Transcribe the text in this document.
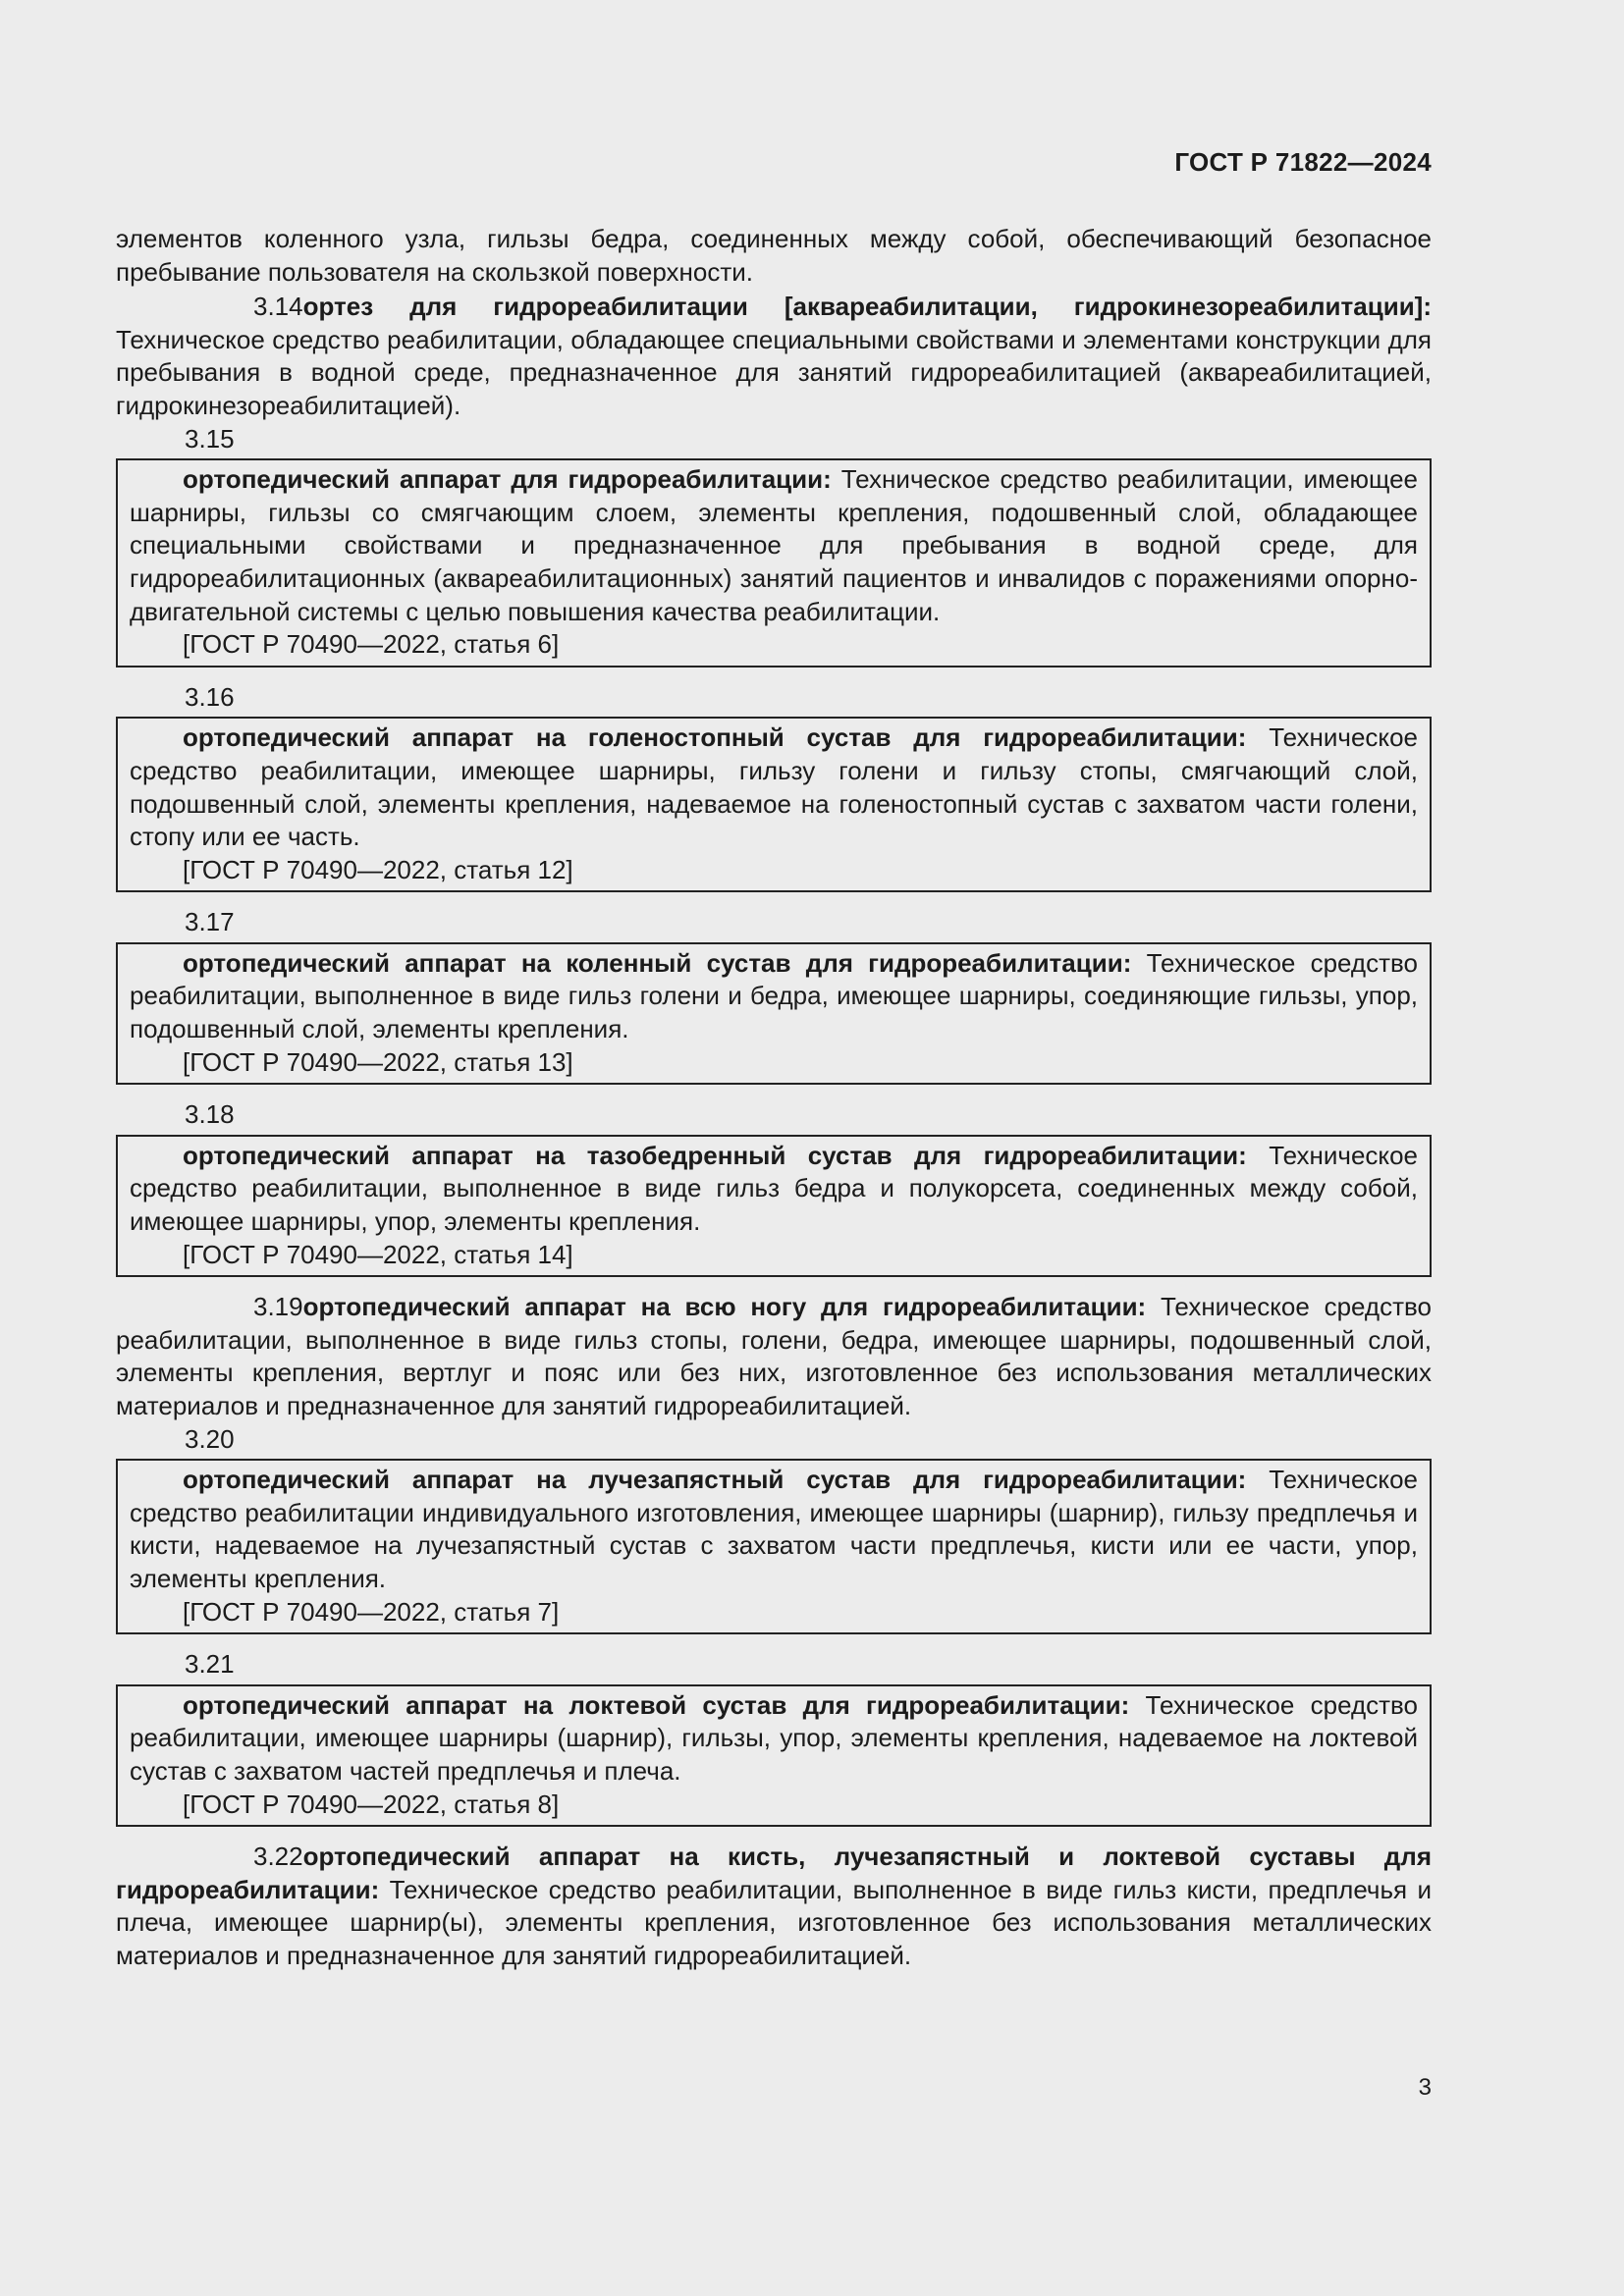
ГОСТ Р 71822—2024

элементов коленного узла, гильзы бедра, соединенных между собой, обеспечивающий безопасное пребывание пользователя на скользкой поверхности.

3.14ортез для гидрореабилитации [аквареабилитации, гидрокинезореабилитации]: Техническое средство реабилитации, обладающее специальными свойствами и элементами конструкции для пребывания в водной среде, предназначенное для занятий гидрореабилитацией (аквареабилитацией, гидрокинезореабилитацией).

3.15

ортопедический аппарат для гидрореабилитации: Техническое средство реабилитации, имеющее шарниры, гильзы со смягчающим слоем, элементы крепления, подошвенный слой, обладающее специальными свойствами и предназначенное для пребывания в водной среде, для гидрореабилитационных (аквареабилитационных) занятий пациентов и инвалидов с поражениями опорно-двигательной системы с целью повышения качества реабилитации.

[ГОСТ Р 70490—2022, статья 6]

3.16

ортопедический аппарат на голеностопный сустав для гидрореабилитации: Техническое средство реабилитации, имеющее шарниры, гильзу голени и гильзу стопы, смягчающий слой, подошвенный слой, элементы крепления, надеваемое на голеностопный сустав с захватом части голени, стопу или ее часть.

[ГОСТ Р 70490—2022, статья 12]

3.17

ортопедический аппарат на коленный сустав для гидрореабилитации: Техническое средство реабилитации, выполненное в виде гильз голени и бедра, имеющее шарниры, соединяющие гильзы, упор, подошвенный слой, элементы крепления.

[ГОСТ Р 70490—2022, статья 13]

3.18

ортопедический аппарат на тазобедренный сустав для гидрореабилитации: Техническое средство реабилитации, выполненное в виде гильз бедра и полукорсета, соединенных между собой, имеющее шарниры, упор, элементы крепления.

[ГОСТ Р 70490—2022, статья 14]

3.19ортопедический аппарат на всю ногу для гидрореабилитации: Техническое средство реабилитации, выполненное в виде гильз стопы, голени, бедра, имеющее шарниры, подошвенный слой, элементы крепления, вертлуг и пояс или без них, изготовленное без использования металлических материалов и предназначенное для занятий гидрореабилитацией.

3.20

ортопедический аппарат на лучезапястный сустав для гидрореабилитации: Техническое средство реабилитации индивидуального изготовления, имеющее шарниры (шарнир), гильзу предплечья и кисти, надеваемое на лучезапястный сустав с захватом части предплечья, кисти или ее части, упор, элементы крепления.

[ГОСТ Р 70490—2022, статья 7]

3.21

ортопедический аппарат на локтевой сустав для гидрореабилитации: Техническое средство реабилитации, имеющее шарниры (шарнир), гильзы, упор, элементы крепления, надеваемое на локтевой сустав с захватом частей предплечья и плеча.

[ГОСТ Р 70490—2022, статья 8]

3.22ортопедический аппарат на кисть, лучезапястный и локтевой суставы для гидрореабилитации: Техническое средство реабилитации, выполненное в виде гильз кисти, предплечья и плеча, имеющее шарнир(ы), элементы крепления, изготовленное без использования металлических материалов и предназначенное для занятий гидрореабилитацией.

3
